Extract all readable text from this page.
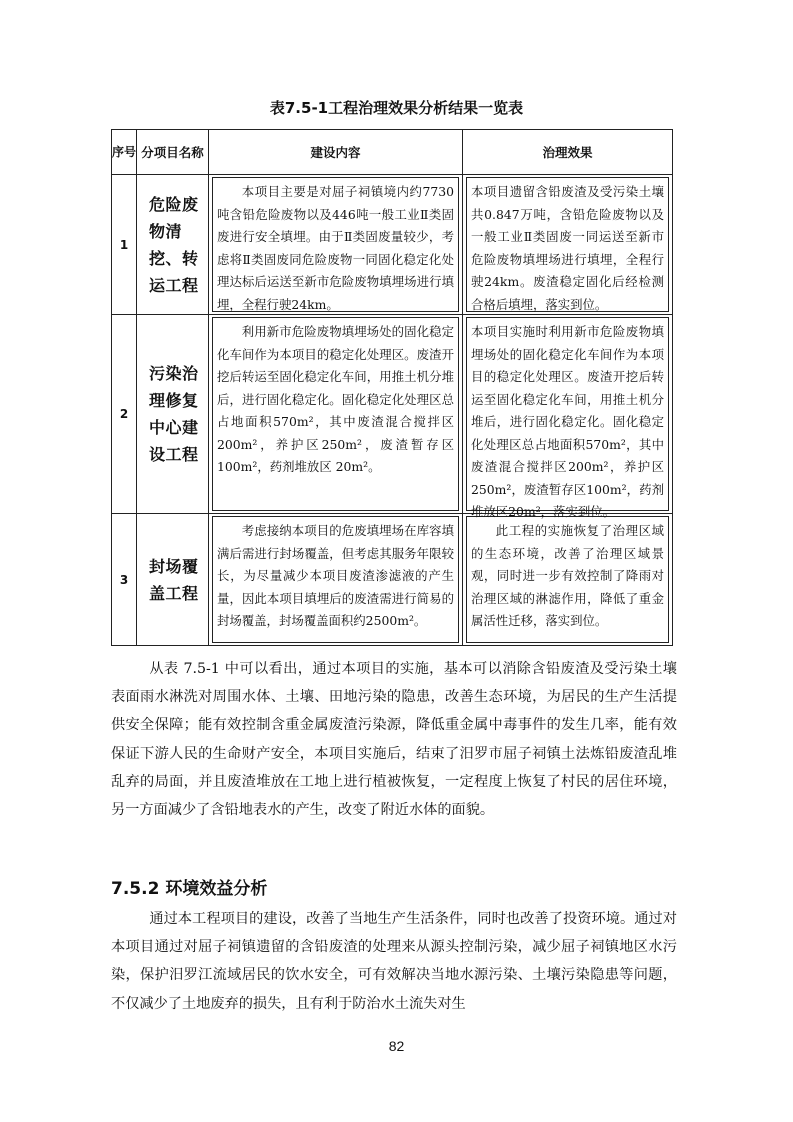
表7.5-1工程治理效果分析结果一览表
序号	分项目名称	建设内容	治理效果
1	危险废物清挖、转运工程	本项目主要是对屈子祠镇境内约7730吨含铅危险废物以及446吨一般工业Ⅱ类固废进行安全填埋。由于Ⅱ类固废量较少，考虑将Ⅱ类固废同危险废物一同固化稳定化处理达标后运送至新市危险废物填埋场进行填埋，全程行驶24km。	本项目遗留含铅废渣及受污染土壤共0.847万吨，含铅危险废物以及一般工业Ⅱ类固废一同运送至新市危险废物填埋场进行填埋，全程行驶24km。废渣稳定固化后经检测合格后填埋，落实到位。

2	污染治理修复中心建设工程	利用新市危险废物填埋场处的固化稳定化车间作为本项目的稳定化处理区。废渣开挖后转运至固化稳定化车间，用推土机分堆后，进行固化稳定化。固化稳定化处理区总占地面积570m²，其中废渣混合搅拌区200m²，养护区250m²，废渣暂存区100m²，药剂堆放区 20m²。	本项目实施时利用新市危险废物填埋场处的固化稳定化车间作为本项目的稳定化处理区。废渣开挖后转运至固化稳定化车间，用推土机分堆后，进行固化稳定化。固化稳定化处理区总占地面积570m²，其中废渣混合搅拌区200m²，养护区250m²，废渣暂存区100m²，药剂堆放区20m²，落实到位。

3	封场覆盖工程	考虑接纳本项目的危废填埋场在库容填满后需进行封场覆盖，但考虑其服务年限较长，为尽量减少本项目废渣渗滤液的产生量，因此本项目填埋后的废渣需进行简易的封场覆盖，封场覆盖面积约2500m²。	此工程的实施恢复了治理区域的生态环境，改善了治理区域景观，同时进一步有效控制了降雨对治理区域的淋滤作用，降低了重金属活性迁移，落实到位。

从表 7.5-1 中可以看出，通过本项目的实施，基本可以消除含铅废渣及受污染土壤表面雨水淋洗对周围水体、土壤、田地污染的隐患，改善生态环境，为居民的生产生活提供安全保障；能有效控制含重金属废渣污染源，降低重金属中毒事件的发生几率，能有效保证下游人民的生命财产安全，本项目实施后，结束了汨罗市屈子祠镇土法炼铅废渣乱堆乱弃的局面，并且废渣堆放在工地上进行植被恢复，一定程度上恢复了村民的居住环境，另一方面减少了含铅地表水的产生，改变了附近水体的面貌。

7.5.2 环境效益分析

通过本工程项目的建设，改善了当地生产生活条件，同时也改善了投资环境。通过对本项目通过对屈子祠镇遗留的含铅废渣的处理来从源头控制污染，减少屈子祠镇地区水污染，保护汨罗江流域居民的饮水安全，可有效解决当地水源污染、土壤污染隐患等问题，不仅减少了土地废弃的损失，且有利于防治水土流失对生

82
